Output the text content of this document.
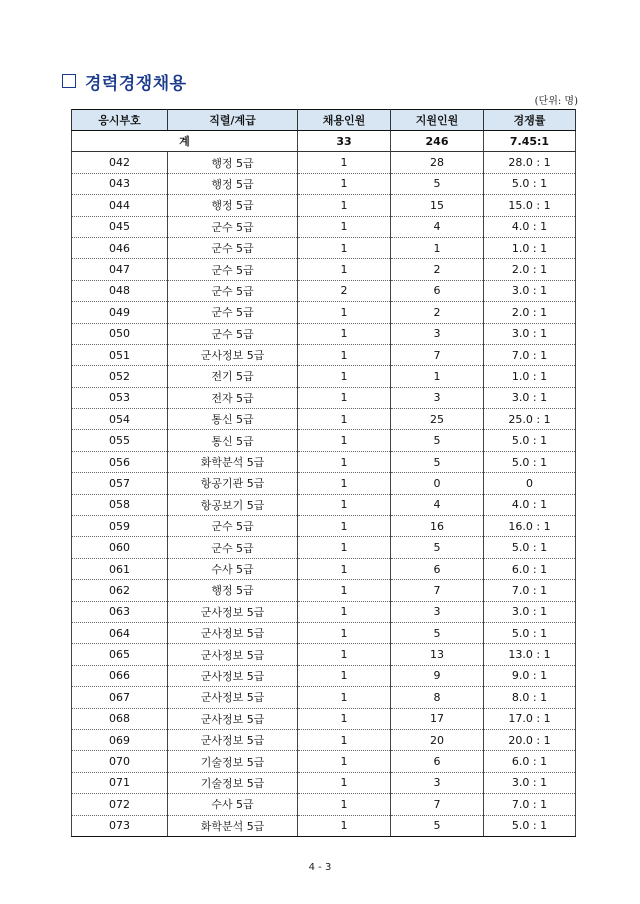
경력경쟁채용
(단위: 명)
응시부호	직렬/계급	채용인원	지원인원	경쟁률
계		33	246	7.45:1
042	행정 5급	1	28	28.0 : 1
043	행정 5급	1	5	5.0 : 1
044	행정 5급	1	15	15.0 : 1
045	군수 5급	1	4	4.0 : 1
046	군수 5급	1	1	1.0 : 1
047	군수 5급	1	2	2.0 : 1
048	군수 5급	2	6	3.0 : 1
049	군수 5급	1	2	2.0 : 1
050	군수 5급	1	3	3.0 : 1
051	군사정보 5급	1	7	7.0 : 1
052	전기 5급	1	1	1.0 : 1
053	전자 5급	1	3	3.0 : 1
054	통신 5급	1	25	25.0 : 1
055	통신 5급	1	5	5.0 : 1
056	화학분석 5급	1	5	5.0 : 1
057	항공기관 5급	1	0	0
058	항공보기 5급	1	4	4.0 : 1
059	군수 5급	1	16	16.0 : 1
060	군수 5급	1	5	5.0 : 1
061	수사 5급	1	6	6.0 : 1
062	행정 5급	1	7	7.0 : 1
063	군사정보 5급	1	3	3.0 : 1
064	군사정보 5급	1	5	5.0 : 1
065	군사정보 5급	1	13	13.0 : 1
066	군사정보 5급	1	9	9.0 : 1
067	군사정보 5급	1	8	8.0 : 1
068	군사정보 5급	1	17	17.0 : 1
069	군사정보 5급	1	20	20.0 : 1
070	기술정보 5급	1	6	6.0 : 1
071	기술정보 5급	1	3	3.0 : 1
072	수사 5급	1	7	7.0 : 1
073	화학분석 5급	1	5	5.0 : 1
4 - 3
